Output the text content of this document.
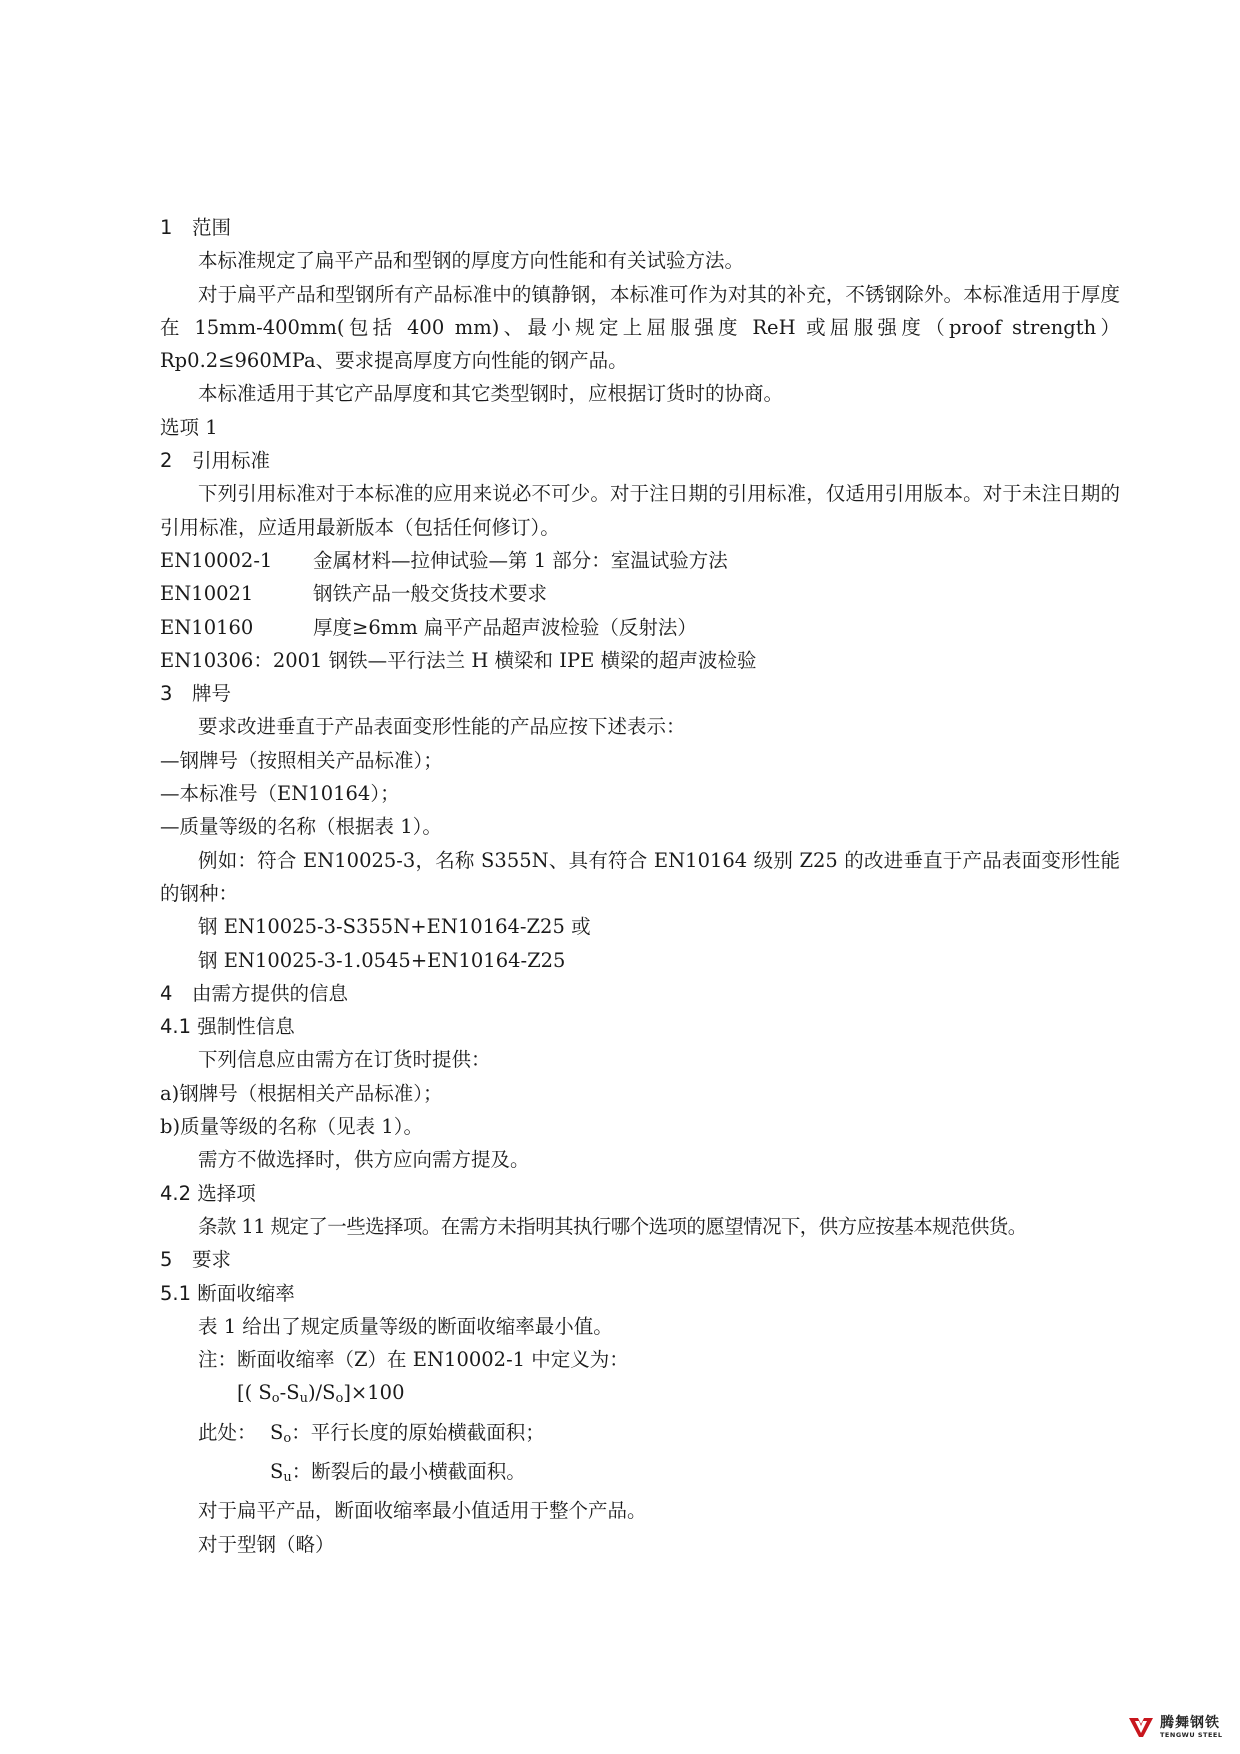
1 范围
本标准规定了扁平产品和型钢的厚度方向性能和有关试验方法。
对于扁平产品和型钢所有产品标准中的镇静钢，本标准可作为对其的补充，不锈钢除外。本标准适用于厚度在 15mm-400mm(包括 400 mm)、最小规定上屈服强度 ReH 或屈服强度（proof strength）Rp0.2≤960MPa、要求提高厚度方向性能的钢产品。
本标准适用于其它产品厚度和其它类型钢时，应根据订货时的协商。
选项 1
2 引用标准
下列引用标准对于本标准的应用来说必不可少。对于注日期的引用标准，仅适用引用版本。对于未注日期的引用标准，应适用最新版本（包括任何修订）。
EN10002-1	金属材料—拉伸试验—第 1 部分：室温试验方法
EN10021	钢铁产品一般交货技术要求
EN10160	厚度≥6mm 扁平产品超声波检验（反射法）
EN10306：2001 钢铁—平行法兰 H 横梁和 IPE 横梁的超声波检验
3 牌号
要求改进垂直于产品表面变形性能的产品应按下述表示：
—钢牌号（按照相关产品标准）；
—本标准号（EN10164）；
—质量等级的名称（根据表 1）。
例如：符合 EN10025-3，名称 S355N、具有符合 EN10164 级别 Z25 的改进垂直于产品表面变形性能的钢种：
钢 EN10025-3-S355N+EN10164-Z25 或
钢 EN10025-3-1.0545+EN10164-Z25
4 由需方提供的信息
4.1 强制性信息
下列信息应由需方在订货时提供：
a)钢牌号（根据相关产品标准）；
b)质量等级的名称（见表 1）。
需方不做选择时，供方应向需方提及。
4.2 选择项
条款 11 规定了一些选择项。在需方未指明其执行哪个选项的愿望情况下，供方应按基本规范供货。
5 要求
5.1 断面收缩率
表 1 给出了规定质量等级的断面收缩率最小值。
注：断面收缩率（Z）在 EN10002-1 中定义为：
[( $S_o-S_u)/S_o]\times 100$
此处： $S_o$：平行长度的原始横截面积；
$S_u$：断裂后的最小横截面积。
对于扁平产品，断面收缩率最小值适用于整个产品。
对于型钢（略）
腾舞钢铁
TENGWU STEEL
